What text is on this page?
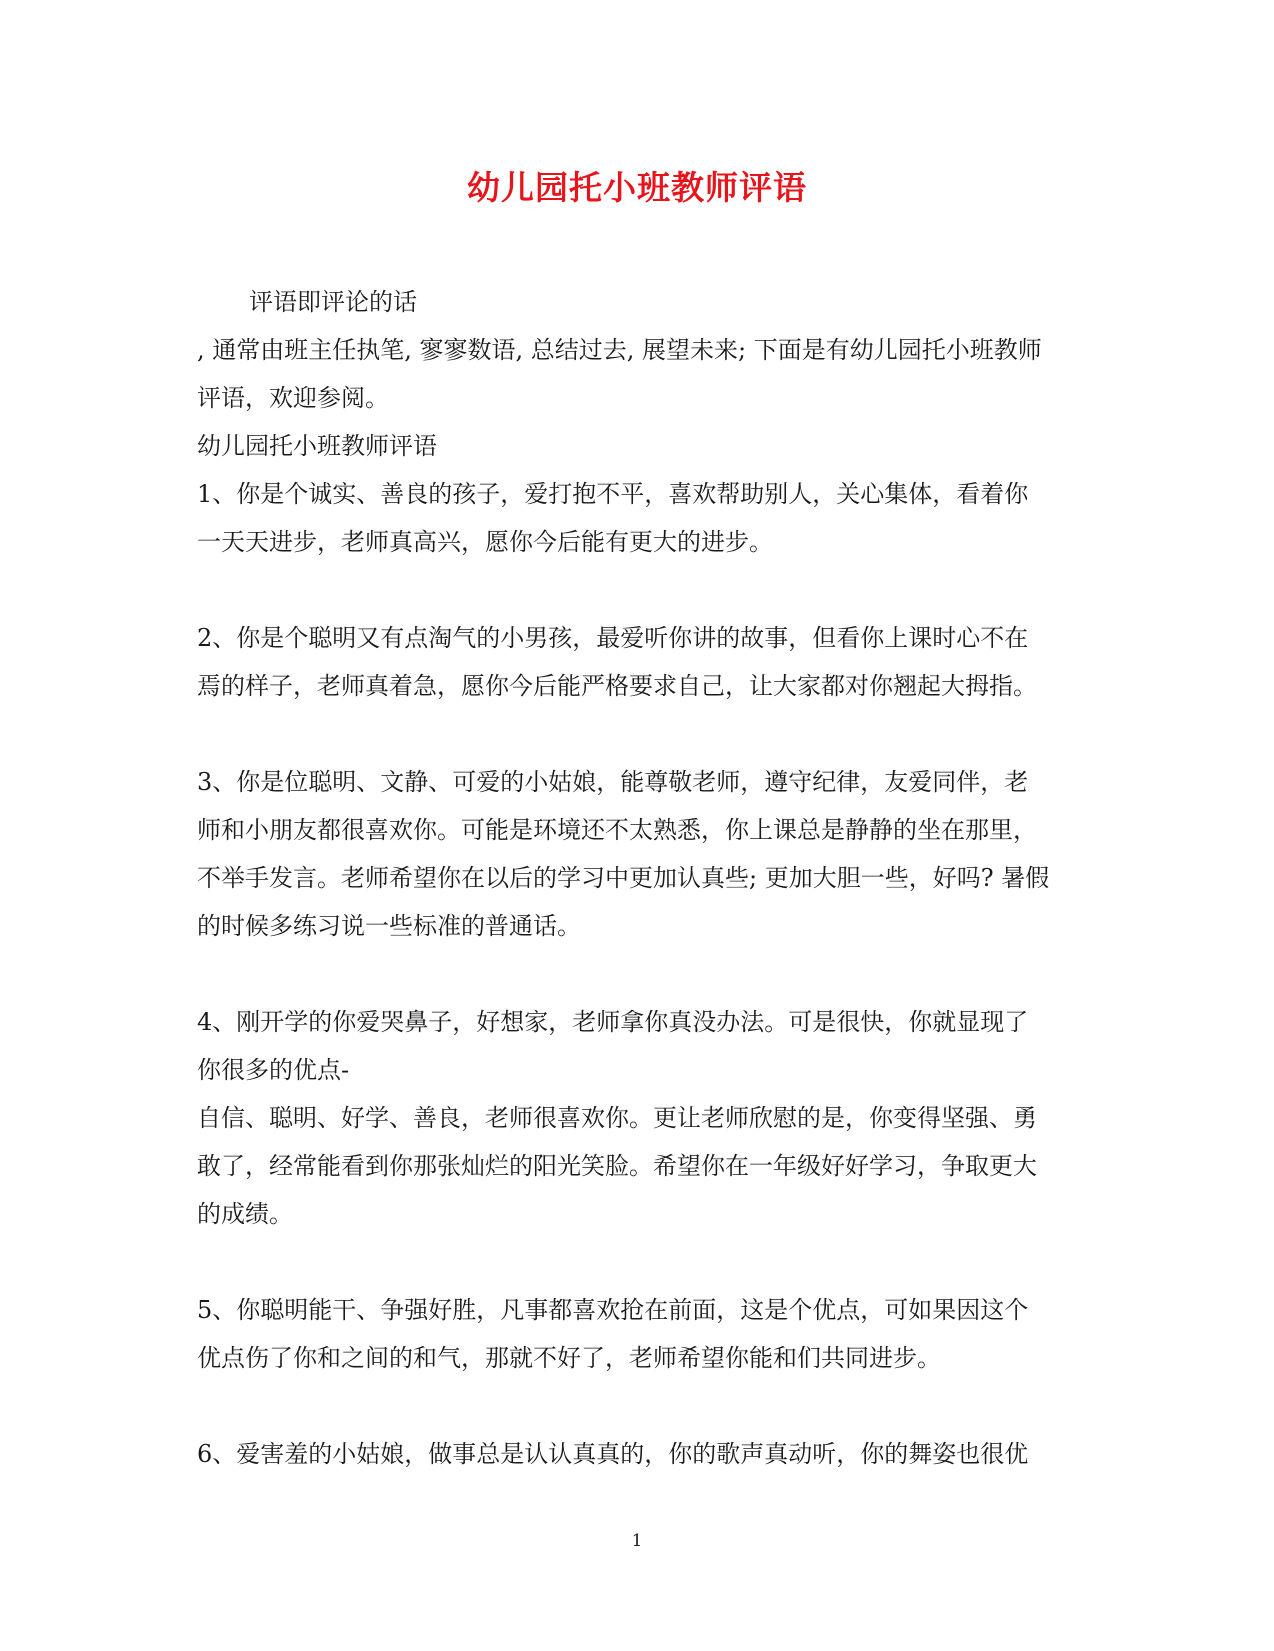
幼儿园托小班教师评语
评语即评论的话
, 通常由班主任执笔, 寥寥数语, 总结过去, 展望未来; 下面是有幼儿园托小班教师
评语，欢迎参阅。
幼儿园托小班教师评语
1、你是个诚实、善良的孩子，爱打抱不平，喜欢帮助别人，关心集体，看着你
一天天进步，老师真高兴，愿你今后能有更大的进步。
2、你是个聪明又有点淘气的小男孩，最爱听你讲的故事，但看你上课时心不在
焉的样子，老师真着急，愿你今后能严格要求自己，让大家都对你翘起大拇指。
3、你是位聪明、文静、可爱的小姑娘，能尊敬老师，遵守纪律，友爱同伴，老
师和小朋友都很喜欢你。可能是环境还不太熟悉，你上课总是静静的坐在那里，
不举手发言。老师希望你在以后的学习中更加认真些; 更加大胆一些，好吗? 暑假
的时候多练习说一些标准的普通话。
4、刚开学的你爱哭鼻子，好想家，老师拿你真没办法。可是很快，你就显现了
你很多的优点-
自信、聪明、好学、善良，老师很喜欢你。更让老师欣慰的是，你变得坚强、勇
敢了，经常能看到你那张灿烂的阳光笑脸。希望你在一年级好好学习，争取更大
的成绩。
5、你聪明能干、争强好胜，凡事都喜欢抢在前面，这是个优点，可如果因这个
优点伤了你和之间的和气，那就不好了，老师希望你能和们共同进步。
6、爱害羞的小姑娘，做事总是认认真真的，你的歌声真动听，你的舞姿也很优
1
